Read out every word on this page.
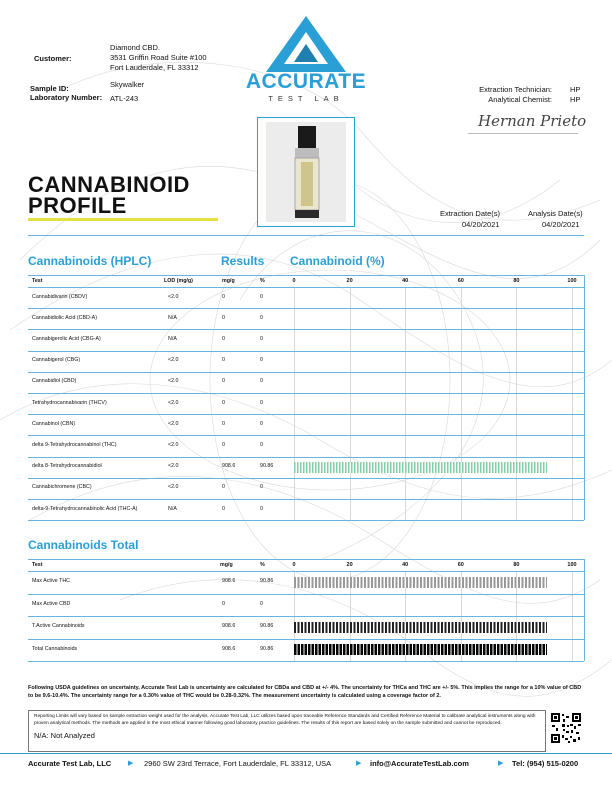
Customer:
Diamond CBD.
3531 Griffin Road Suite #100
Fort Lauderdale, FL 33312
Sample ID:	Skywalker
Laboratory Number: ATL-243
ACCURATE
TEST LAB
Extraction Technician: HP
Analytical Chemist: HP
Hernan Prieto
CANNABINOID
PROFILE	Extraction Date(s)
04/20/2021
Analysis Date(s)
04/20/2021
Cannabinoids (HPLC)	Results Cannabinoid (%)
0	20	40	60	80	100
Test	LOD (mg/g)	mg/g	%
Cannabidivarin (CBDV)	<2.0	0	0
Cannabidiolic Acid (CBD-A)	N/A	0	0
Cannabigerolic Acid (CBG-A)	N/A	0	0
Cannabigerol (CBG)	<2.0	0	0
Cannabidiol (CBD)	<2.0	0	0
Tetrahydrocannabivarin (THCV)	<2.0	0	0
Cannabinol (CBN)	<2.0	0	0
delta 9-Tetrahydrocannabinol (THC)	<2.0	0	0
delta 8-Tetrahydrocannabidiol	<2.0	908.6	90.86
Cannabichromene (CBC)	<2.0	0	0
delta-9-Tetrahydrocannabinolic Acid (THC-A)	N/A	0	0
Cannabinoids Total
0	20	40	60	80	100
Test	mg/g	%
Max Active THC	908.6	90.86
Max Active CBD	0	0
T.Active Cannabinoids	908.6	90.86
Total Cannabinoids	908.6	90.86
Following USDA guidelines on uncertainty, Accurate Test Lab is uncertainty are calculated for CBDa and CBD at +/- 4%. The uncertainty for THCa and THC are +/- 5%. This implies the range for a 10% value of CBD to be 9.6-10.4%. The uncertainty range for a 0.30% value of THC would be 0.28-0.32%. The measurement uncertainty is calculated using a coverage factor of 2.
Reporting Limits will vary based on sample extraction weight used for the analysis. Accurate Test Lab, LLC utilizes based upon traceable Reference Standards and Certified Reference Material to calibrate analytical instruments along with proven analytical methods. The methods are applied in the most ethical manner following good laboratory practice guidelines. The results of this report are based solely on the sample submitted and cannot be reproduced.
N/A: Not Analyzed
Accurate Test Lab, LLC ▶ 2960 SW 23rd Terrace, Fort Lauderdale, FL 33312, USA	▶ info@AccurateTestLab.com	▶ Tel: (954) 515-0200
